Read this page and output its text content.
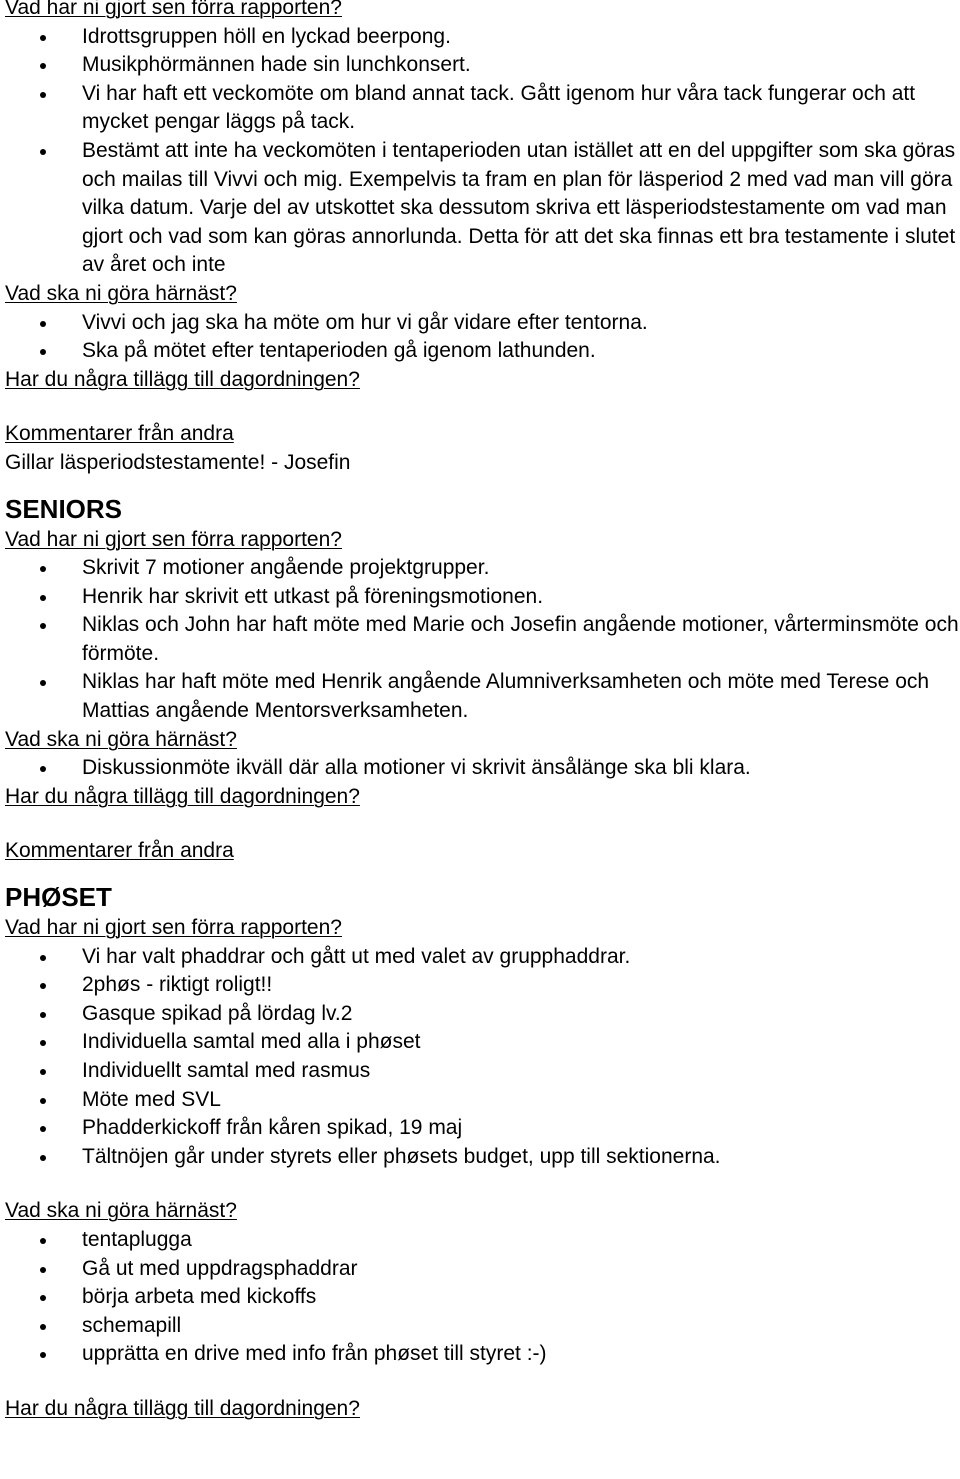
Vad har ni gjort sen förra rapporten?
Idrottsgruppen höll en lyckad beerpong.
Musikphörmännen hade sin lunchkonsert.
Vi har haft ett veckomöte om bland annat tack. Gått igenom hur våra tack fungerar och att mycket pengar läggs på tack.
Bestämt att inte ha veckomöten i tentaperioden utan istället att en del uppgifter som ska göras och mailas till Vivvi och mig. Exempelvis ta fram en plan för läsperiod 2 med vad man vill göra vilka datum. Varje del av utskottet ska dessutom skriva ett läsperiodstestamente om vad man gjort och vad som kan göras annorlunda. Detta för att det ska finnas ett bra testamente i slutet av året och inte
Vad ska ni göra härnäst?
Vivvi och jag ska ha möte om hur vi går vidare efter tentorna.
Ska på mötet efter tentaperioden gå igenom lathunden.
Har du några tillägg till dagordningen?
Kommentarer från andra
Gillar läsperiodstestamente! - Josefin
SENIORS
Vad har ni gjort sen förra rapporten?
Skrivit 7 motioner angående projektgrupper.
Henrik har skrivit ett utkast på föreningsmotionen.
Niklas och John har haft möte med Marie och Josefin angående motioner, vårterminsmöte och förmöte.
Niklas har haft möte med Henrik angående Alumniverksamheten och möte med Terese och Mattias angående Mentorsverksamheten.
Vad ska ni göra härnäst?
Diskussionmöte ikväll där alla motioner vi skrivit änsålänge ska bli klara.
Har du några tillägg till dagordningen?
Kommentarer från andra
PHØSET
Vad har ni gjort sen förra rapporten?
Vi har valt phaddrar och gått ut med valet av grupphaddrar.
2phøs - riktigt roligt!!
Gasque spikad på lördag lv.2
Individuella samtal med alla i phøset
Individuellt samtal med rasmus
Möte med SVL
Phadderkickoff från kåren spikad, 19 maj
Tältnöjen går under styrets eller phøsets budget, upp till sektionerna.
Vad ska ni göra härnäst?
tentaplugga
Gå ut med uppdragsphaddrar
börja arbeta med kickoffs
schemapill
upprätta en drive med info från phøset till styret :-)
Har du några tillägg till dagordningen?
